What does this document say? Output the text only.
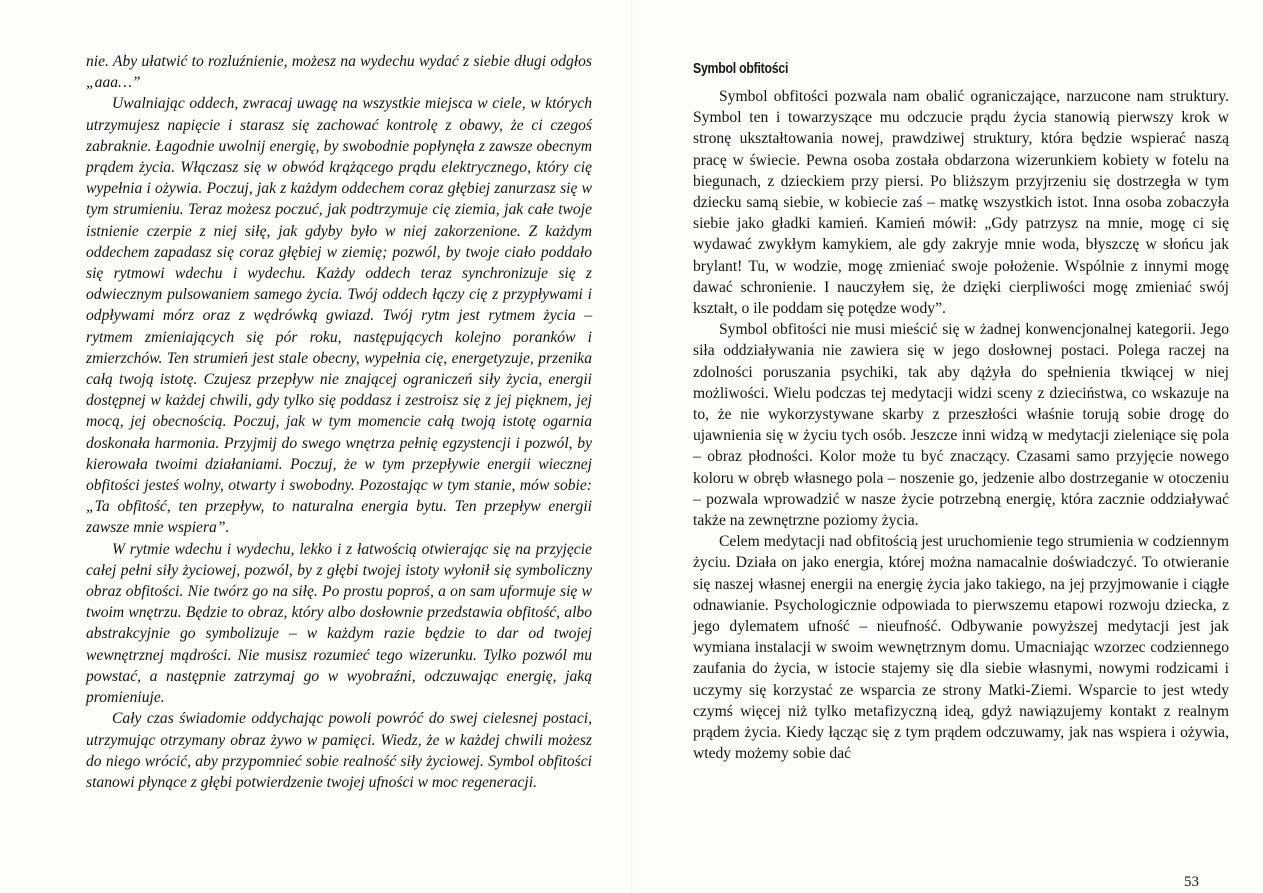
nie. Aby ułatwić to rozluźnienie, możesz na wydechu wydać z siebie długi odgłos „aaa…”

Uwalniając oddech, zwracaj uwagę na wszystkie miejsca w ciele, w których utrzymujesz napięcie i starasz się zachować kontrolę z obawy, że ci czegoś zabraknie. Łagodnie uwolnij energię, by swobodnie popłynęła z zawsze obecnym prądem życia. Włączasz się w obwód krążącego prądu elektrycznego, który cię wypełnia i ożywia. Poczuj, jak z każdym oddechem coraz głębiej zanurzasz się w tym strumieniu. Teraz możesz poczuć, jak podtrzymuje cię ziemia, jak całe twoje istnienie czerpie z niej siłę, jak gdyby było w niej zakorzenione. Z każdym oddechem zapadasz się coraz głębiej w ziemię; pozwól, by twoje ciało poddało się rytmowi wdechu i wydechu. Każdy oddech teraz synchronizuje się z odwiecznym pulsowaniem samego życia. Twój oddech łączy cię z przypływami i odpływami mórz oraz z wędrówką gwiazd. Twój rytm jest rytmem życia – rytmem zmieniających się pór roku, następujących kolejno poranków i zmierzchów. Ten strumień jest stale obecny, wypełnia cię, energetyzuje, przenika całą twoją istotę. Czujesz przepływ nie znającej ograniczeń siły życia, energii dostępnej w każdej chwili, gdy tylko się poddasz i zestroisz się z jej pięknem, jej mocą, jej obecnością. Poczuj, jak w tym momencie całą twoją istotę ogarnia doskonała harmonia. Przyjmij do swego wnętrza pełnię egzystencji i pozwól, by kierowała twoimi działaniami. Poczuj, że w tym przepływie energii wiecznej obfitości jesteś wolny, otwarty i swobodny. Pozostając w tym stanie, mów sobie: „Ta obfitość, ten przepływ, to naturalna energia bytu. Ten przepływ energii zawsze mnie wspiera”.

W rytmie wdechu i wydechu, lekko i z łatwością otwierając się na przyjęcie całej pełni siły życiowej, pozwól, by z głębi twojej istoty wyłonił się symboliczny obraz obfitości. Nie twórz go na siłę. Po prostu poproś, a on sam uformuje się w twoim wnętrzu. Będzie to obraz, który albo dosłownie przedstawia obfitość, albo abstrakcyjnie go symbolizuje – w każdym razie będzie to dar od twojej wewnętrznej mądrości. Nie musisz rozumieć tego wizerunku. Tylko pozwól mu powstać, a następnie zatrzymaj go w wyobraźni, odczuwając energię, jaką promieniuje.

Cały czas świadomie oddychając powoli powróć do swej cielesnej postaci, utrzymując otrzymany obraz żywo w pamięci. Wiedz, że w każdej chwili możesz do niego wrócić, aby przypomnieć sobie realność siły życiowej. Symbol obfitości stanowi płynące z głębi potwierdzenie twojej ufności w moc regeneracji.

Symbol obfitości

Symbol obfitości pozwala nam obalić ograniczające, narzucone nam struktury. Symbol ten i towarzyszące mu odczucie prądu życia stanowią pierwszy krok w stronę ukształtowania nowej, prawdziwej struktury, która będzie wspierać naszą pracę w świecie. Pewna osoba została obdarzona wizerunkiem kobiety w fotelu na biegunach, z dzieckiem przy piersi. Po bliższym przyjrzeniu się dostrzegła w tym dziecku samą siebie, w kobiecie zaś – matkę wszystkich istot. Inna osoba zobaczyła siebie jako gładki kamień. Kamień mówił: „Gdy patrzysz na mnie, mogę ci się wydawać zwykłym kamykiem, ale gdy zakryje mnie woda, błyszczę w słońcu jak brylant! Tu, w wodzie, mogę zmieniać swoje położenie. Wspólnie z innymi mogę dawać schronienie. I nauczyłem się, że dzięki cierpliwości mogę zmieniać swój kształt, o ile poddam się potędze wody”.

Symbol obfitości nie musi mieścić się w żadnej konwencjonalnej kategorii. Jego siła oddziaływania nie zawiera się w jego dosłownej postaci. Polega raczej na zdolności poruszania psychiki, tak aby dążyła do spełnienia tkwiącej w niej możliwości. Wielu podczas tej medytacji widzi sceny z dzieciństwa, co wskazuje na to, że nie wykorzystywane skarby z przeszłości właśnie torują sobie drogę do ujawnienia się w życiu tych osób. Jeszcze inni widzą w medytacji zieleniące się pola – obraz płodności. Kolor może tu być znaczący. Czasami samo przyjęcie nowego koloru w obręb własnego pola – noszenie go, jedzenie albo dostrzeganie w otoczeniu – pozwala wprowadzić w nasze życie potrzebną energię, która zacznie oddziaływać także na zewnętrzne poziomy życia.

Celem medytacji nad obfitością jest uruchomienie tego strumienia w codziennym życiu. Działa on jako energia, której można namacalnie doświadczyć. To otwieranie się naszej własnej energii na energię życia jako takiego, na jej przyjmowanie i ciągłe odnawianie. Psychologicznie odpowiada to pierwszemu etapowi rozwoju dziecka, z jego dylematem ufność – nieufność. Odbywanie powyższej medytacji jest jak wymiana instalacji w swoim wewnętrznym domu. Umacniając wzorzec codziennego zaufania do życia, w istocie stajemy się dla siebie własnymi, nowymi rodzicami i uczymy się korzystać ze wsparcia ze strony Matki-Ziemi. Wsparcie to jest wtedy czymś więcej niż tylko metafizyczną ideą, gdyż nawiązujemy kontakt z realnym prądem życia. Kiedy łącząc się z tym prądem odczuwamy, jak nas wspiera i ożywia, wtedy możemy sobie dać

53
